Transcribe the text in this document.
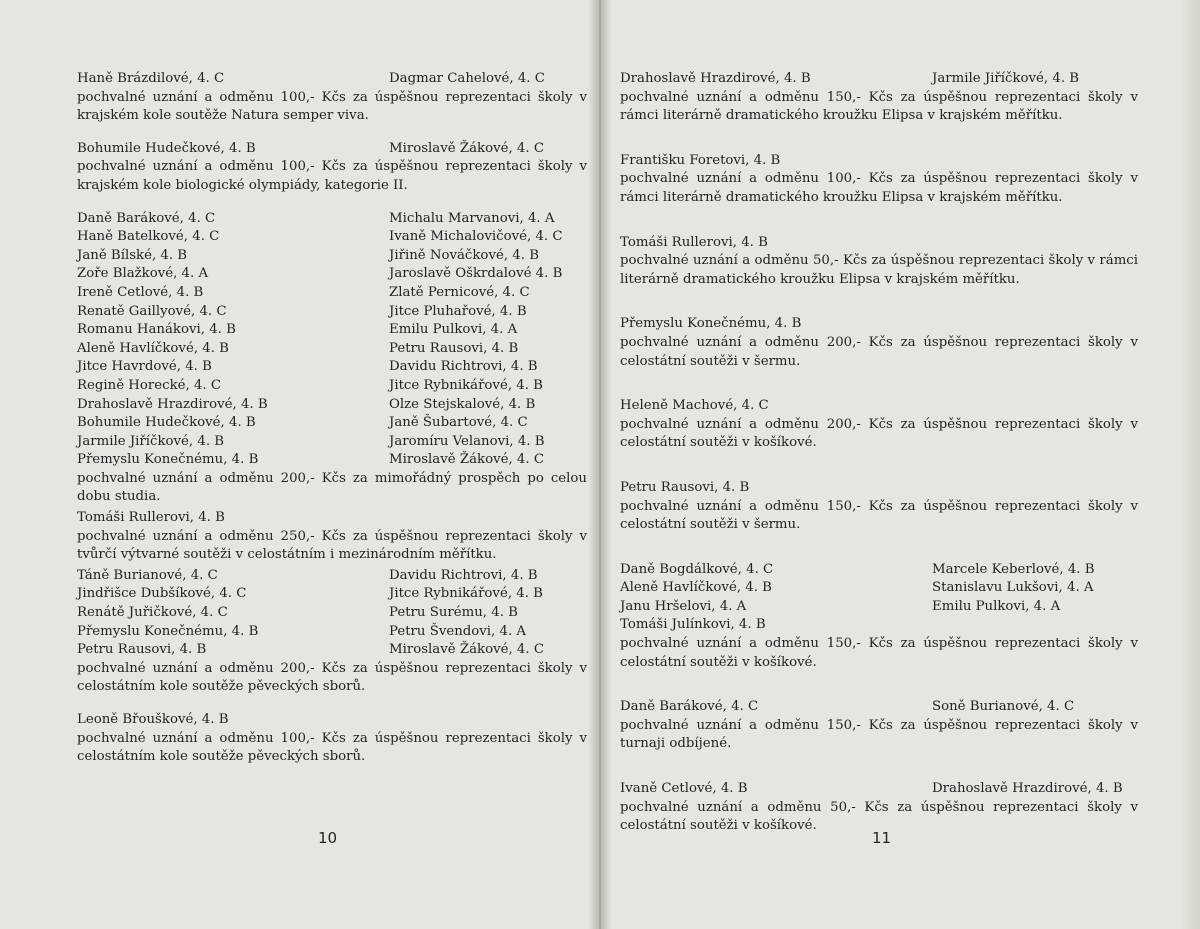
Haně Brázdilové, 4. C	Dagmar Cahelové, 4. C
pochvalné uznání a odměnu 100,- Kčs za úspěšnou reprezentaci školy v krajském kole soutěže Natura semper viva.
Bohumile Hudečkové, 4. B	Miroslavě Žákové, 4. C
pochvalné uznání a odměnu 100,- Kčs za úspěšnou reprezentaci školy v krajském kole biologické olympiády, kategorie II.
Daně Barákové, 4. C	Michalu Marvanovi, 4. A
Haně Batelkové, 4. C	Ivaně Michalovičové, 4. C
Janě Bílské, 4. B	Jiřině Nováčkové, 4. B
Zoře Blažkové, 4. A	Jaroslavě Oškrdalové 4. B
Ireně Cetlové, 4. B	Zlatě Pernicové, 4. C
Renatě Gaillyové, 4. C	Jitce Pluhařové, 4. B
Romanu Hanákovi, 4. B	Emilu Pulkovi, 4. A
Aleně Havlíčkové, 4. B	Petru Rausovi, 4. B
Jitce Havrdové, 4. B	Davidu Richtrovi, 4. B
Regině Horecké, 4. C	Jitce Rybnikářové, 4. B
Drahoslavě Hrazdirové, 4. B	Olze Stejskalové, 4. B
Bohumile Hudečkové, 4. B	Janě Šubartové, 4. C
Jarmile Jiříčkové, 4. B	Jaromíru Velanovi, 4. B
Přemyslu Konečnému, 4. B	Miroslavě Žákové, 4. C
pochvalné uznání a odměnu 200,- Kčs za mimořádný prospěch po celou dobu studia.
Tomáši Rullerovi, 4. B
pochvalné uznání a odměnu 250,- Kčs za úspěšnou reprezentaci školy v tvůrčí výtvarné soutěži v celostátním i mezinárodním měřítku.
Táně Burianové, 4. C	Davidu Richtrovi, 4. B
Jindřišce Dubšíkové, 4. C	Jitce Rybnikářové, 4. B
Renátě Juřičkové, 4. C	Petru Surému, 4. B
Přemyslu Konečnému, 4. B	Petru Švendovi, 4. A
Petru Rausovi, 4. B	Miroslavě Žákové, 4. C
pochvalné uznání a odměnu 200,- Kčs za úspěšnou reprezentaci školy v celostátním kole soutěže pěveckých sborů.
Leoně Břouškové, 4. B
pochvalné uznání a odměnu 100,- Kčs za úspěšnou reprezentaci školy v celostátním kole soutěže pěveckých sborů.
10
Drahoslavě Hrazdirové, 4. B	Jarmile Jiříčkové, 4. B
pochvalné uznání a odměnu 150,- Kčs za úspěšnou reprezentaci školy v rámci literárně dramatického kroužku Elipsa v krajském měřítku.
Františku Foretovi, 4. B
pochvalné uznání a odměnu 100,- Kčs za úspěšnou reprezentaci školy v rámci literárně dramatického kroužku Elipsa v krajském měřítku.
Tomáši Rullerovi, 4. B
pochvalné uznání a odměnu 50,- Kčs za úspěšnou reprezentaci školy v rámci literárně dramatického kroužku Elipsa v krajském měřítku.
Přemyslu Konečnému, 4. B
pochvalné uznání a odměnu 200,- Kčs za úspěšnou reprezentaci školy v celostátní soutěži v šermu.
Heleně Machové, 4. C
pochvalné uznání a odměnu 200,- Kčs za úspěšnou reprezentaci školy v celostátní soutěži v košíkové.
Petru Rausovi, 4. B
pochvalné uznání a odměnu 150,- Kčs za úspěšnou reprezentaci školy v celostátní soutěži v šermu.
Daně Bogdálkové, 4. C	Marcele Keberlové, 4. B
Aleně Havlíčkové, 4. B	Stanislavu Lukšovi, 4. A
Janu Hršelovi, 4. A	Emilu Pulkovi, 4. A
Tomáši Julínkovi, 4. B
pochvalné uznání a odměnu 150,- Kčs za úspěšnou reprezentaci školy v celostátní soutěži v košíkové.
Daně Barákové, 4. C	Soně Burianové, 4. C
pochvalné uznání a odměnu 150,- Kčs za úspěšnou reprezentaci školy v turnaji odbíjené.
Ivaně Cetlové, 4. B	Drahoslavě Hrazdirové, 4. B
pochvalné uznání a odměnu 50,- Kčs za úspěšnou reprezentaci školy v celostátní soutěži v košíkové.
11
